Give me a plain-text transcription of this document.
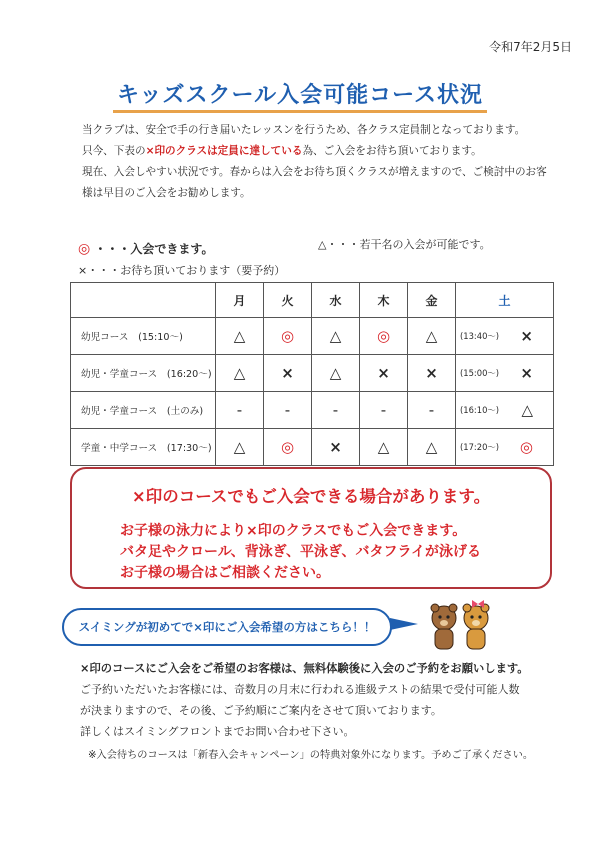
令和7年2月5日
キッズスクール入会可能コース状況
当クラブは、安全で手の行き届いたレッスンを行うため、各クラス定員制となっております。
只今、下表の×印のクラスは定員に達している為、ご入会をお待ち頂いております。
現在、入会しやすい状況です。春からは入会をお待ち頂くクラスが増えますので、ご検討中のお客
様は早目のご入会をお勧めします。
◎ ・・・入会できます。	△・・・若干名の入会が可能です。
×・・・お待ち頂いております（要予約）
	月	火	水	木	金	土
幼児コース　(15:10～)	△	◎	△	◎	△	(13:40～) ×

幼児・学童コース　(16:20～)	△	×	△	×	×	(15:00～) ×

幼児・学童コース　(土のみ)	-	-	-	-	-	(16:10～) △

学童・中学コース　(17:30～)	△	◎	×	△	△	(17:20～) ◎
×印のコースでもご入会できる場合があります。
お子様の泳力により×印のクラスでもご入会できます。
バタ足やクロール、背泳ぎ、平泳ぎ、バタフライが泳げる
お子様の場合はご相談ください。
スイミングが初めてで×印にご入会希望の方はこちら！！
×印のコースにご入会をご希望のお客様は、無料体験後に入会のご予約をお願いします。
ご予約いただいたお客様には、奇数月の月末に行われる進級テストの結果で受付可能人数
が決まりますので、その後、ご予約順にご案内をさせて頂いております。
詳しくはスイミングフロントまでお問い合わせ下さい。
※入会待ちのコースは「新春入会キャンペーン」の特典対象外になります。予めご了承ください。
